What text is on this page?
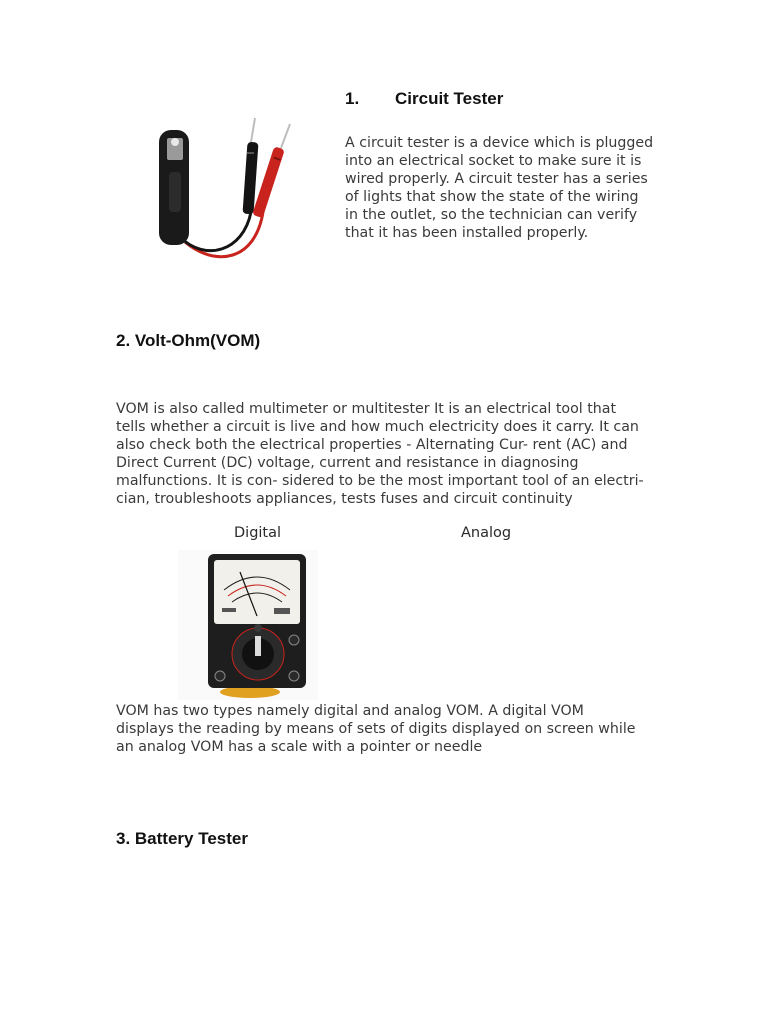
1. Circuit Tester

A circuit tester is a device which is plugged into an electrical socket to make sure it is wired properly. A circuit tester has a series of lights that show the state of the wiring in the outlet, so the technician can verify that it has been installed properly.

2. Volt-Ohm(VOM)

VOM is also called multimeter or multitester It is an electrical tool that tells whether a circuit is live and how much electricity does it carry. It can also check both the electrical properties - Alternating Cur- rent (AC) and Direct Current (DC) voltage, current and resistance in diagnosing malfunctions. It is con- sidered to be the most important tool of an electri- cian, troubleshoots appliances, tests fuses and circuit continuity

Digital	Analog

VOM has two types namely digital and analog VOM. A digital VOM displays the reading by means of sets of digits displayed on screen while an analog VOM has a scale with a pointer or needle

3. Battery Tester
